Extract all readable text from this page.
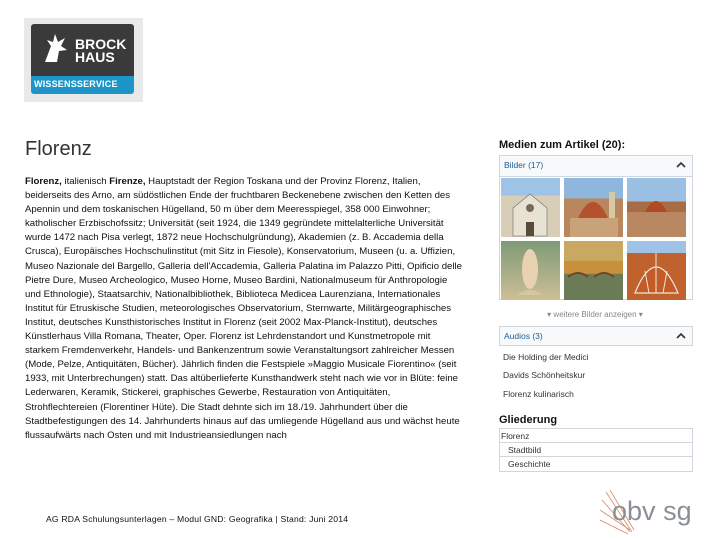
BROCK
HAUS
WISSENSSERVICE
Florenz
Florenz, italienisch Firenze, Hauptstadt der Region Toskana und der Provinz Florenz, Italien, beiderseits des Arno, am südöstlichen Ende der fruchtbaren Beckenebene zwischen den Ketten des Apennin und dem toskanischen Hügelland, 50 m über dem Meeresspiegel, 358 000 Einwohner; katholischer Erzbischofssitz; Universität (seit 1924, die 1349 gegründete mittelalterliche Universität wurde 1472 nach Pisa verlegt, 1872 neue Hochschulgründung), Akademien (z. B. Accademia della Crusca), Europäisches Hochschulinstitut (mit Sitz in Fiesole), Konservatorium, Museen (u. a. Uffizien, Museo Nazionale del Bargello, Galleria dell'Accademia, Galleria Palatina im Palazzo Pitti, Opificio delle Pietre Dure, Museo Archeologico, Museo Horne, Museo Bardini, Nationalmuseum für Anthropologie und Ethnologie), Staatsarchiv, Nationalbibliothek, Biblioteca Medicea Laurenziana, Internationales Institut für Etruskische Studien, meteorologisches Observatorium, Sternwarte, Militärgeographisches Institut, deutsches Kunsthistorisches Institut in Florenz (seit 2002 Max-Planck-Institut), deutsches Künstlerhaus Villa Romana, Theater, Oper. Florenz ist Lehrdenstandort und Kunstmetropole mit starkem Fremdenverkehr, Handels- und Bankenzentrum sowie Veranstaltungsort zahlreicher Messen (Mode, Pelze, Antiquitäten, Bücher). Jährlich finden die Festspiele »Maggio Musicale Fiorentino« (seit 1933, mit Unterbrechungen) statt. Das altüberlieferte Kunsthandwerk steht nach wie vor in Blüte: feine Lederwaren, Keramik, Stickerei, graphisches Gewerbe, Restauration von Antiquitäten, Strohflechtereien (Florentiner Hüte). Die Stadt dehnte sich im 18./19. Jahrhundert über die Stadtbefestigungen des 14. Jahrhunderts hinaus auf das umliegende Hügelland aus und wächst heute flussaufwärts nach Osten und mit Industrieansiedlungen nach
Medien zum Artikel (20):
Bilder (17)
▾ weitere Bilder anzeigen ▾
Audios (3)
Die Holding der Medici
Davids Schönheitskur
Florenz kulinarisch
Gliederung
Florenz
Stadtbild
Geschichte
AG RDA Schulungsunterlagen – Modul GND: Geografika | Stand: Juni 2014	obv sg
